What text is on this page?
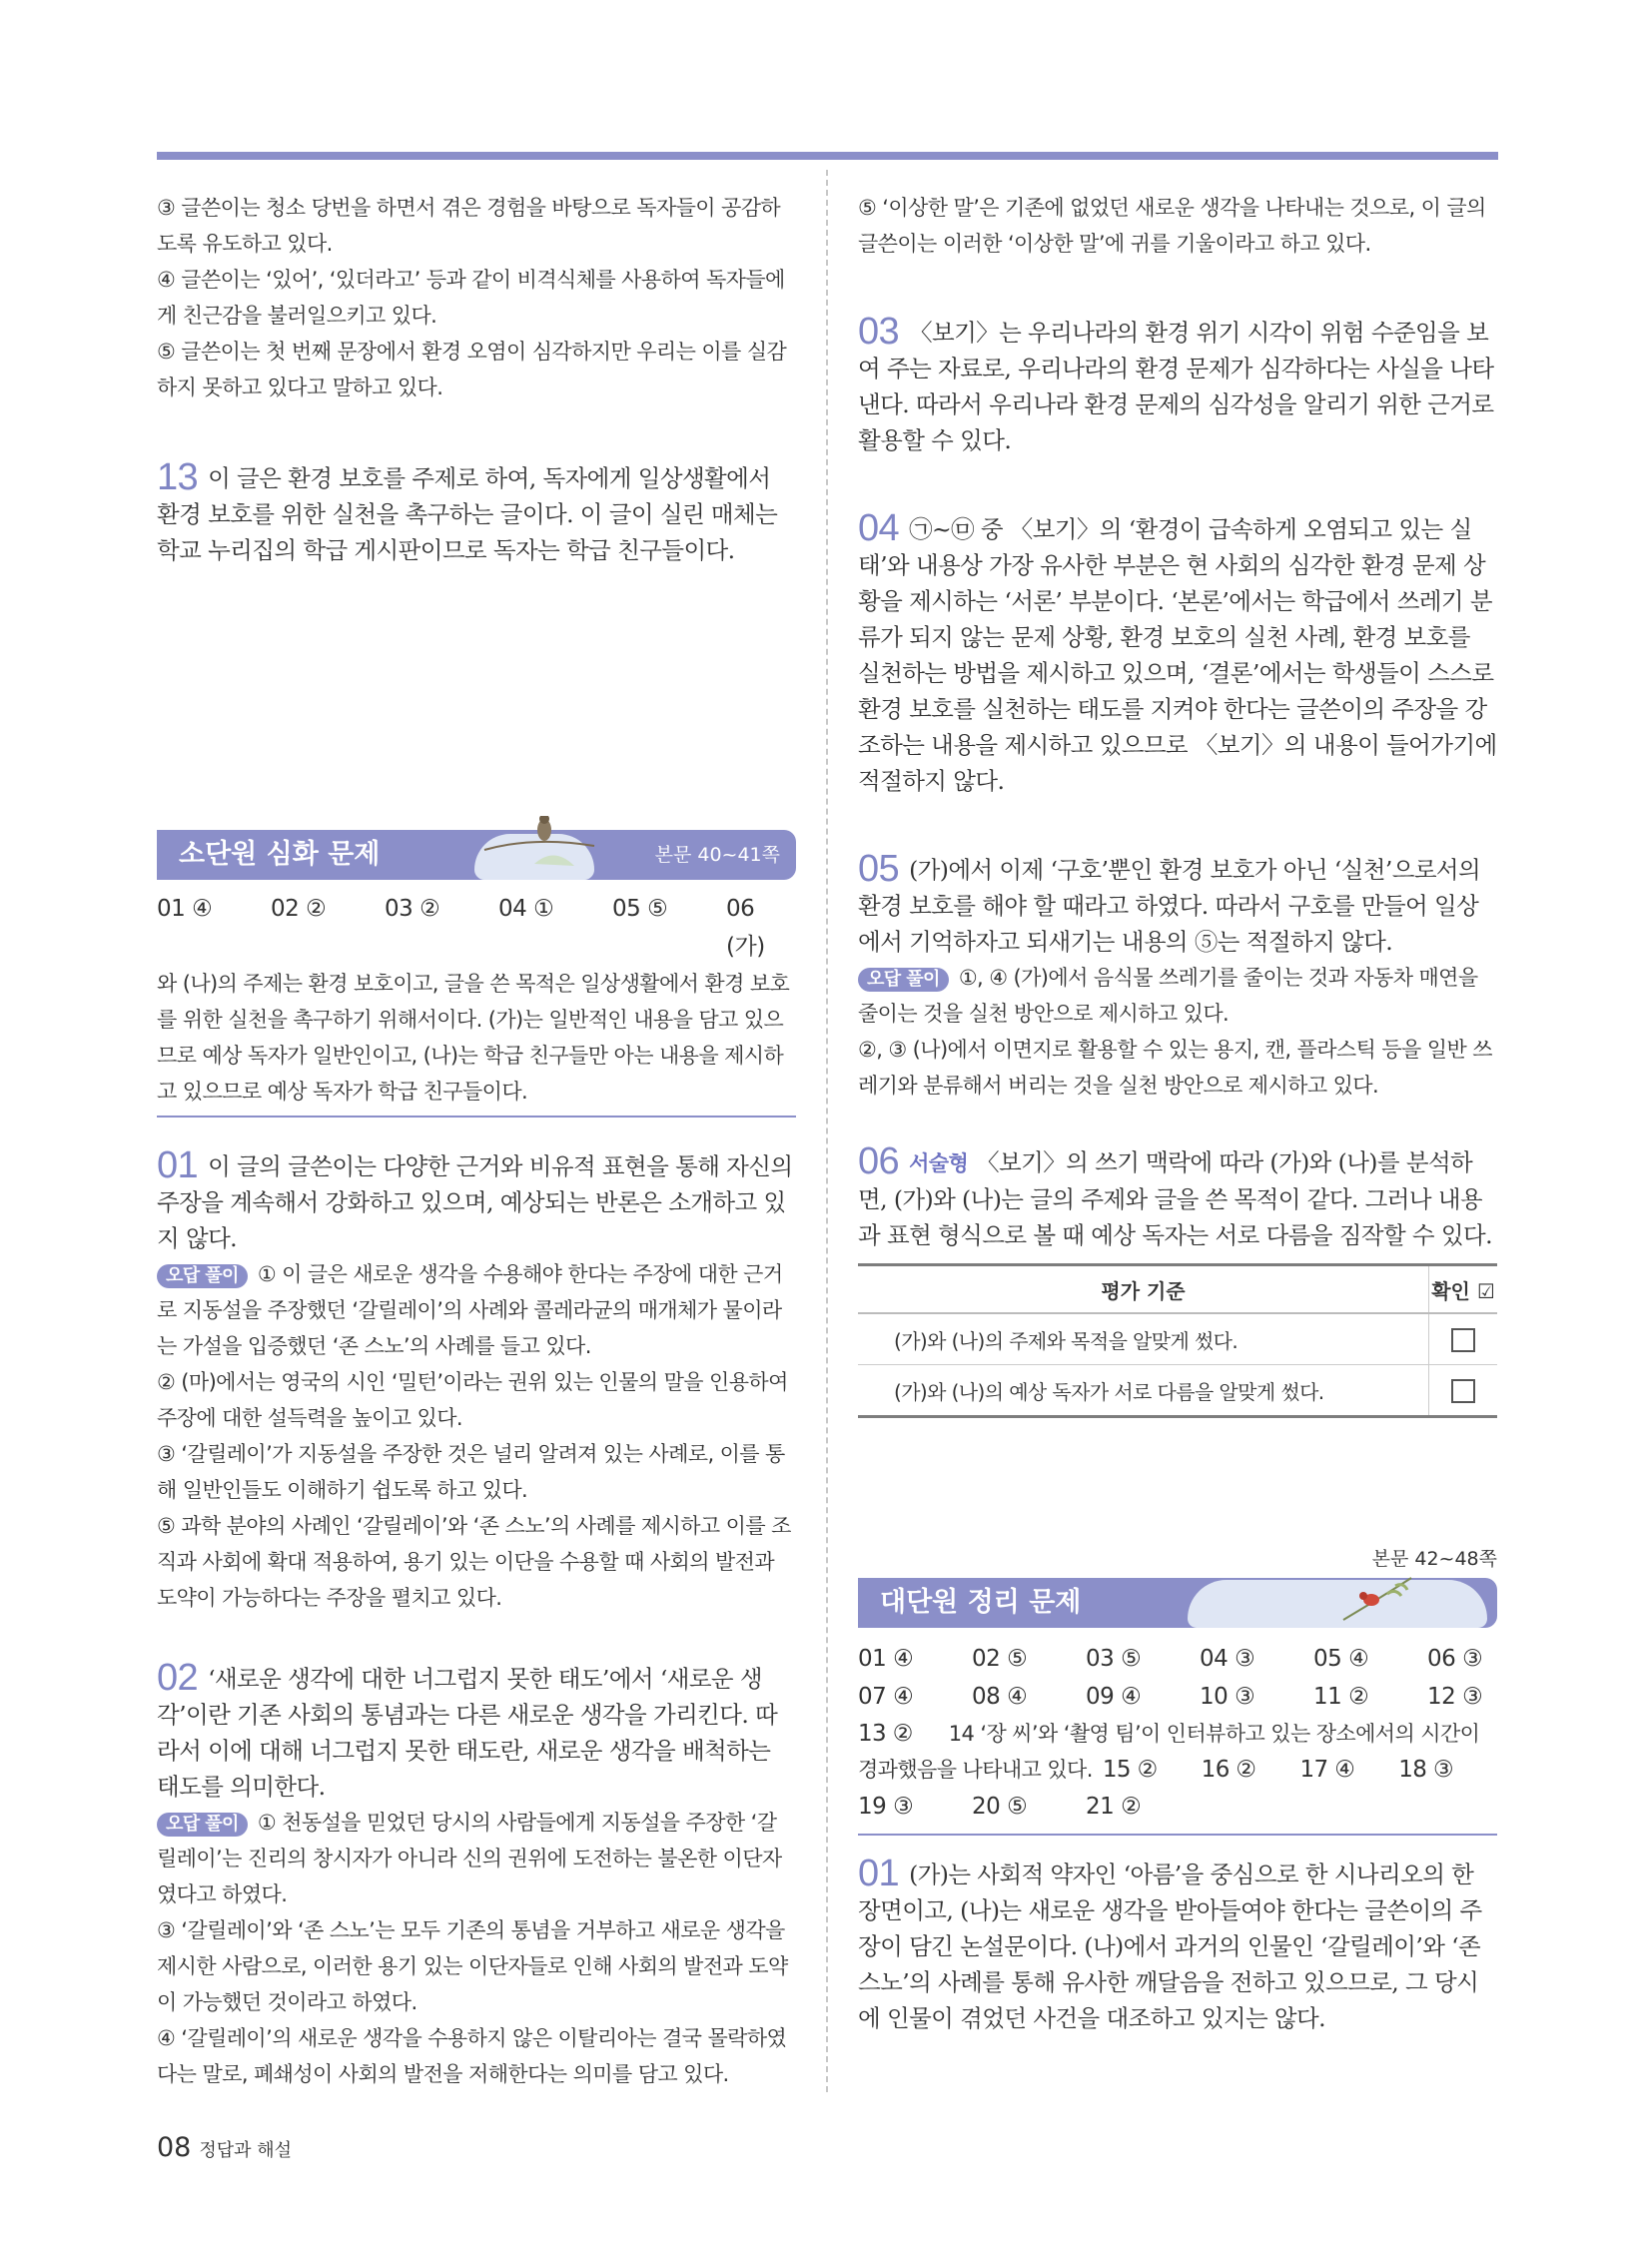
③ 글쓴이는 청소 당번을 하면서 겪은 경험을 바탕으로 독자들이 공감하도록 유도하고 있다.

④ 글쓴이는 ‘있어’, ‘있더라고’ 등과 같이 비격식체를 사용하여 독자들에게 친근감을 불러일으키고 있다.

⑤ 글쓴이는 첫 번째 문장에서 환경 오염이 심각하지만 우리는 이를 실감하지 못하고 있다고 말하고 있다.

13 이 글은 환경 보호를 주제로 하여, 독자에게 일상생활에서 환경 보호를 위한 실천을 촉구하는 글이다. 이 글이 실린 매체는 학교 누리집의 학급 게시판이므로 독자는 학급 친구들이다.

소단원 심화 문제	본문 40~41쪽
01 ④	02 ②	03 ②	04 ①	05 ⑤	06 (가)

와 (나)의 주제는 환경 보호이고, 글을 쓴 목적은 일상생활에서 환경 보호를 위한 실천을 촉구하기 위해서이다. (가)는 일반적인 내용을 담고 있으므로 예상 독자가 일반인이고, (나)는 학급 친구들만 아는 내용을 제시하고 있으므로 예상 독자가 학급 친구들이다.

01 이 글의 글쓴이는 다양한 근거와 비유적 표현을 통해 자신의 주장을 계속해서 강화하고 있으며, 예상되는 반론은 소개하고 있지 않다.

오답 풀이 ① 이 글은 새로운 생각을 수용해야 한다는 주장에 대한 근거로 지동설을 주장했던 ‘갈릴레이’의 사례와 콜레라균의 매개체가 물이라는 가설을 입증했던 ‘존 스노’의 사례를 들고 있다.

② (마)에서는 영국의 시인 ‘밀턴’이라는 권위 있는 인물의 말을 인용하여 주장에 대한 설득력을 높이고 있다.

③ ‘갈릴레이’가 지동설을 주장한 것은 널리 알려져 있는 사례로, 이를 통해 일반인들도 이해하기 쉽도록 하고 있다.

⑤ 과학 분야의 사례인 ‘갈릴레이’와 ‘존 스노’의 사례를 제시하고 이를 조직과 사회에 확대 적용하여, 용기 있는 이단을 수용할 때 사회의 발전과 도약이 가능하다는 주장을 펼치고 있다.

02 ‘새로운 생각에 대한 너그럽지 못한 태도’에서 ‘새로운 생각’이란 기존 사회의 통념과는 다른 새로운 생각을 가리킨다. 따라서 이에 대해 너그럽지 못한 태도란, 새로운 생각을 배척하는 태도를 의미한다.

오답 풀이 ① 천동설을 믿었던 당시의 사람들에게 지동설을 주장한 ‘갈릴레이’는 진리의 창시자가 아니라 신의 권위에 도전하는 불온한 이단자였다고 하였다.

③ ‘갈릴레이’와 ‘존 스노’는 모두 기존의 통념을 거부하고 새로운 생각을 제시한 사람으로, 이러한 용기 있는 이단자들로 인해 사회의 발전과 도약이 가능했던 것이라고 하였다.

④ ‘갈릴레이’의 새로운 생각을 수용하지 않은 이탈리아는 결국 몰락하였다는 말로, 폐쇄성이 사회의 발전을 저해한다는 의미를 담고 있다.

⑤ ‘이상한 말’은 기존에 없었던 새로운 생각을 나타내는 것으로, 이 글의 글쓴이는 이러한 ‘이상한 말’에 귀를 기울이라고 하고 있다.

03 〈보기〉는 우리나라의 환경 위기 시각이 위험 수준임을 보여 주는 자료로, 우리나라의 환경 문제가 심각하다는 사실을 나타낸다. 따라서 우리나라 환경 문제의 심각성을 알리기 위한 근거로 활용할 수 있다.

04 ㉠~㉤ 중 〈보기〉의 ‘환경이 급속하게 오염되고 있는 실태’와 내용상 가장 유사한 부분은 현 사회의 심각한 환경 문제 상황을 제시하는 ‘서론’ 부분이다. ‘본론’에서는 학급에서 쓰레기 분류가 되지 않는 문제 상황, 환경 보호의 실천 사례, 환경 보호를 실천하는 방법을 제시하고 있으며, ‘결론’에서는 학생들이 스스로 환경 보호를 실천하는 태도를 지켜야 한다는 글쓴이의 주장을 강조하는 내용을 제시하고 있으므로 〈보기〉의 내용이 들어가기에 적절하지 않다.

05 (가)에서 이제 ‘구호’뿐인 환경 보호가 아닌 ‘실천’으로서의 환경 보호를 해야 할 때라고 하였다. 따라서 구호를 만들어 일상에서 기억하자고 되새기는 내용의 ⑤는 적절하지 않다.

오답 풀이 ①, ④ (가)에서 음식물 쓰레기를 줄이는 것과 자동차 매연을 줄이는 것을 실천 방안으로 제시하고 있다.

②, ③ (나)에서 이면지로 활용할 수 있는 용지, 캔, 플라스틱 등을 일반 쓰레기와 분류해서 버리는 것을 실천 방안으로 제시하고 있다.

06 서술형 〈보기〉의 쓰기 맥락에 따라 (가)와 (나)를 분석하면, (가)와 (나)는 글의 주제와 글을 쓴 목적이 같다. 그러나 내용과 표현 형식으로 볼 때 예상 독자는 서로 다름을 짐작할 수 있다.

평가 기준	확인 ☑
(가)와 (나)의 주제와 목적을 알맞게 썼다.	
(가)와 (나)의 예상 독자가 서로 다름을 알맞게 썼다.	
본문 42~48쪽
대단원 정리 문제
01 ④	02 ⑤	03 ⑤	04 ③	05 ④	06 ③
07 ④	08 ④	09 ④	10 ③	11 ②	12 ③
13 ② 14 ‘장 씨’와 ‘촬영 팀’이 인터뷰하고 있는 장소에서의 시간이 경과했음을 나타내고 있다. 15 ② 16 ② 17 ④ 18 ③
19 ③	20 ⑤	21 ②

01 (가)는 사회적 약자인 ‘아름’을 중심으로 한 시나리오의 한 장면이고, (나)는 새로운 생각을 받아들여야 한다는 글쓴이의 주장이 담긴 논설문이다. (나)에서 과거의 인물인 ‘갈릴레이’와 ‘존 스노’의 사례를 통해 유사한 깨달음을 전하고 있으므로, 그 당시에 인물이 겪었던 사건을 대조하고 있지는 않다.

08 정답과 해설
